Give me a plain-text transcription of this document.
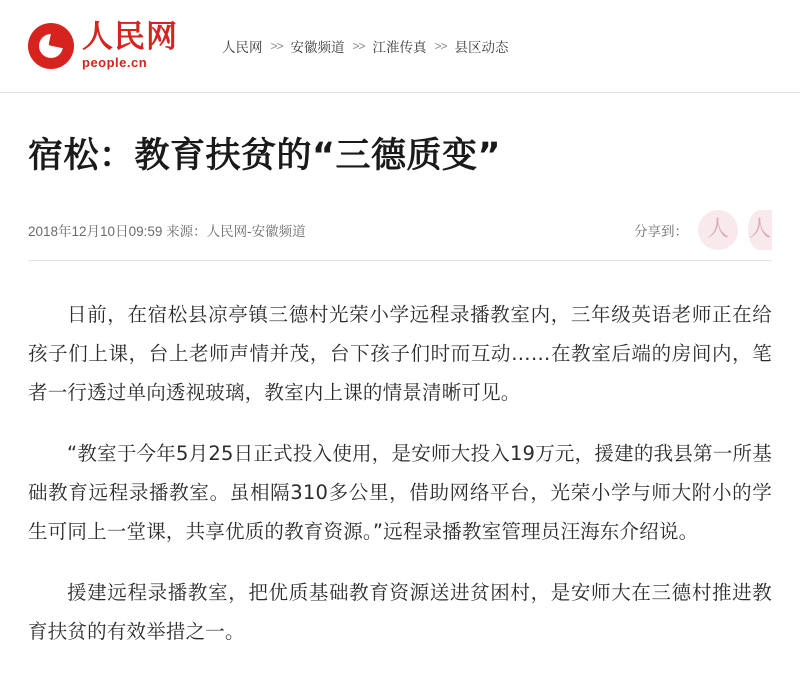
人民网
people.cn
人民网 >> 安徽频道 >> 江淮传真 >> 县区动态
宿松：教育扶贫的“三德质变”
2018年12月10日09:59 来源：人民网-安徽频道	分享到： 人 人

日前，在宿松县凉亭镇三德村光荣小学远程录播教室内，三年级英语老师正在给孩子们上课，台上老师声情并茂，台下孩子们时而互动……在教室后端的房间内，笔者一行透过单向透视玻璃，教室内上课的情景清晰可见。

“教室于今年5月25日正式投入使用，是安师大投入19万元，援建的我县第一所基础教育远程录播教室。虽相隔310多公里，借助网络平台，光荣小学与师大附小的学生可同上一堂课，共享优质的教育资源。”远程录播教室管理员汪海东介绍说。

援建远程录播教室，把优质基础教育资源送进贫困村，是安师大在三德村推进教育扶贫的有效举措之一。
